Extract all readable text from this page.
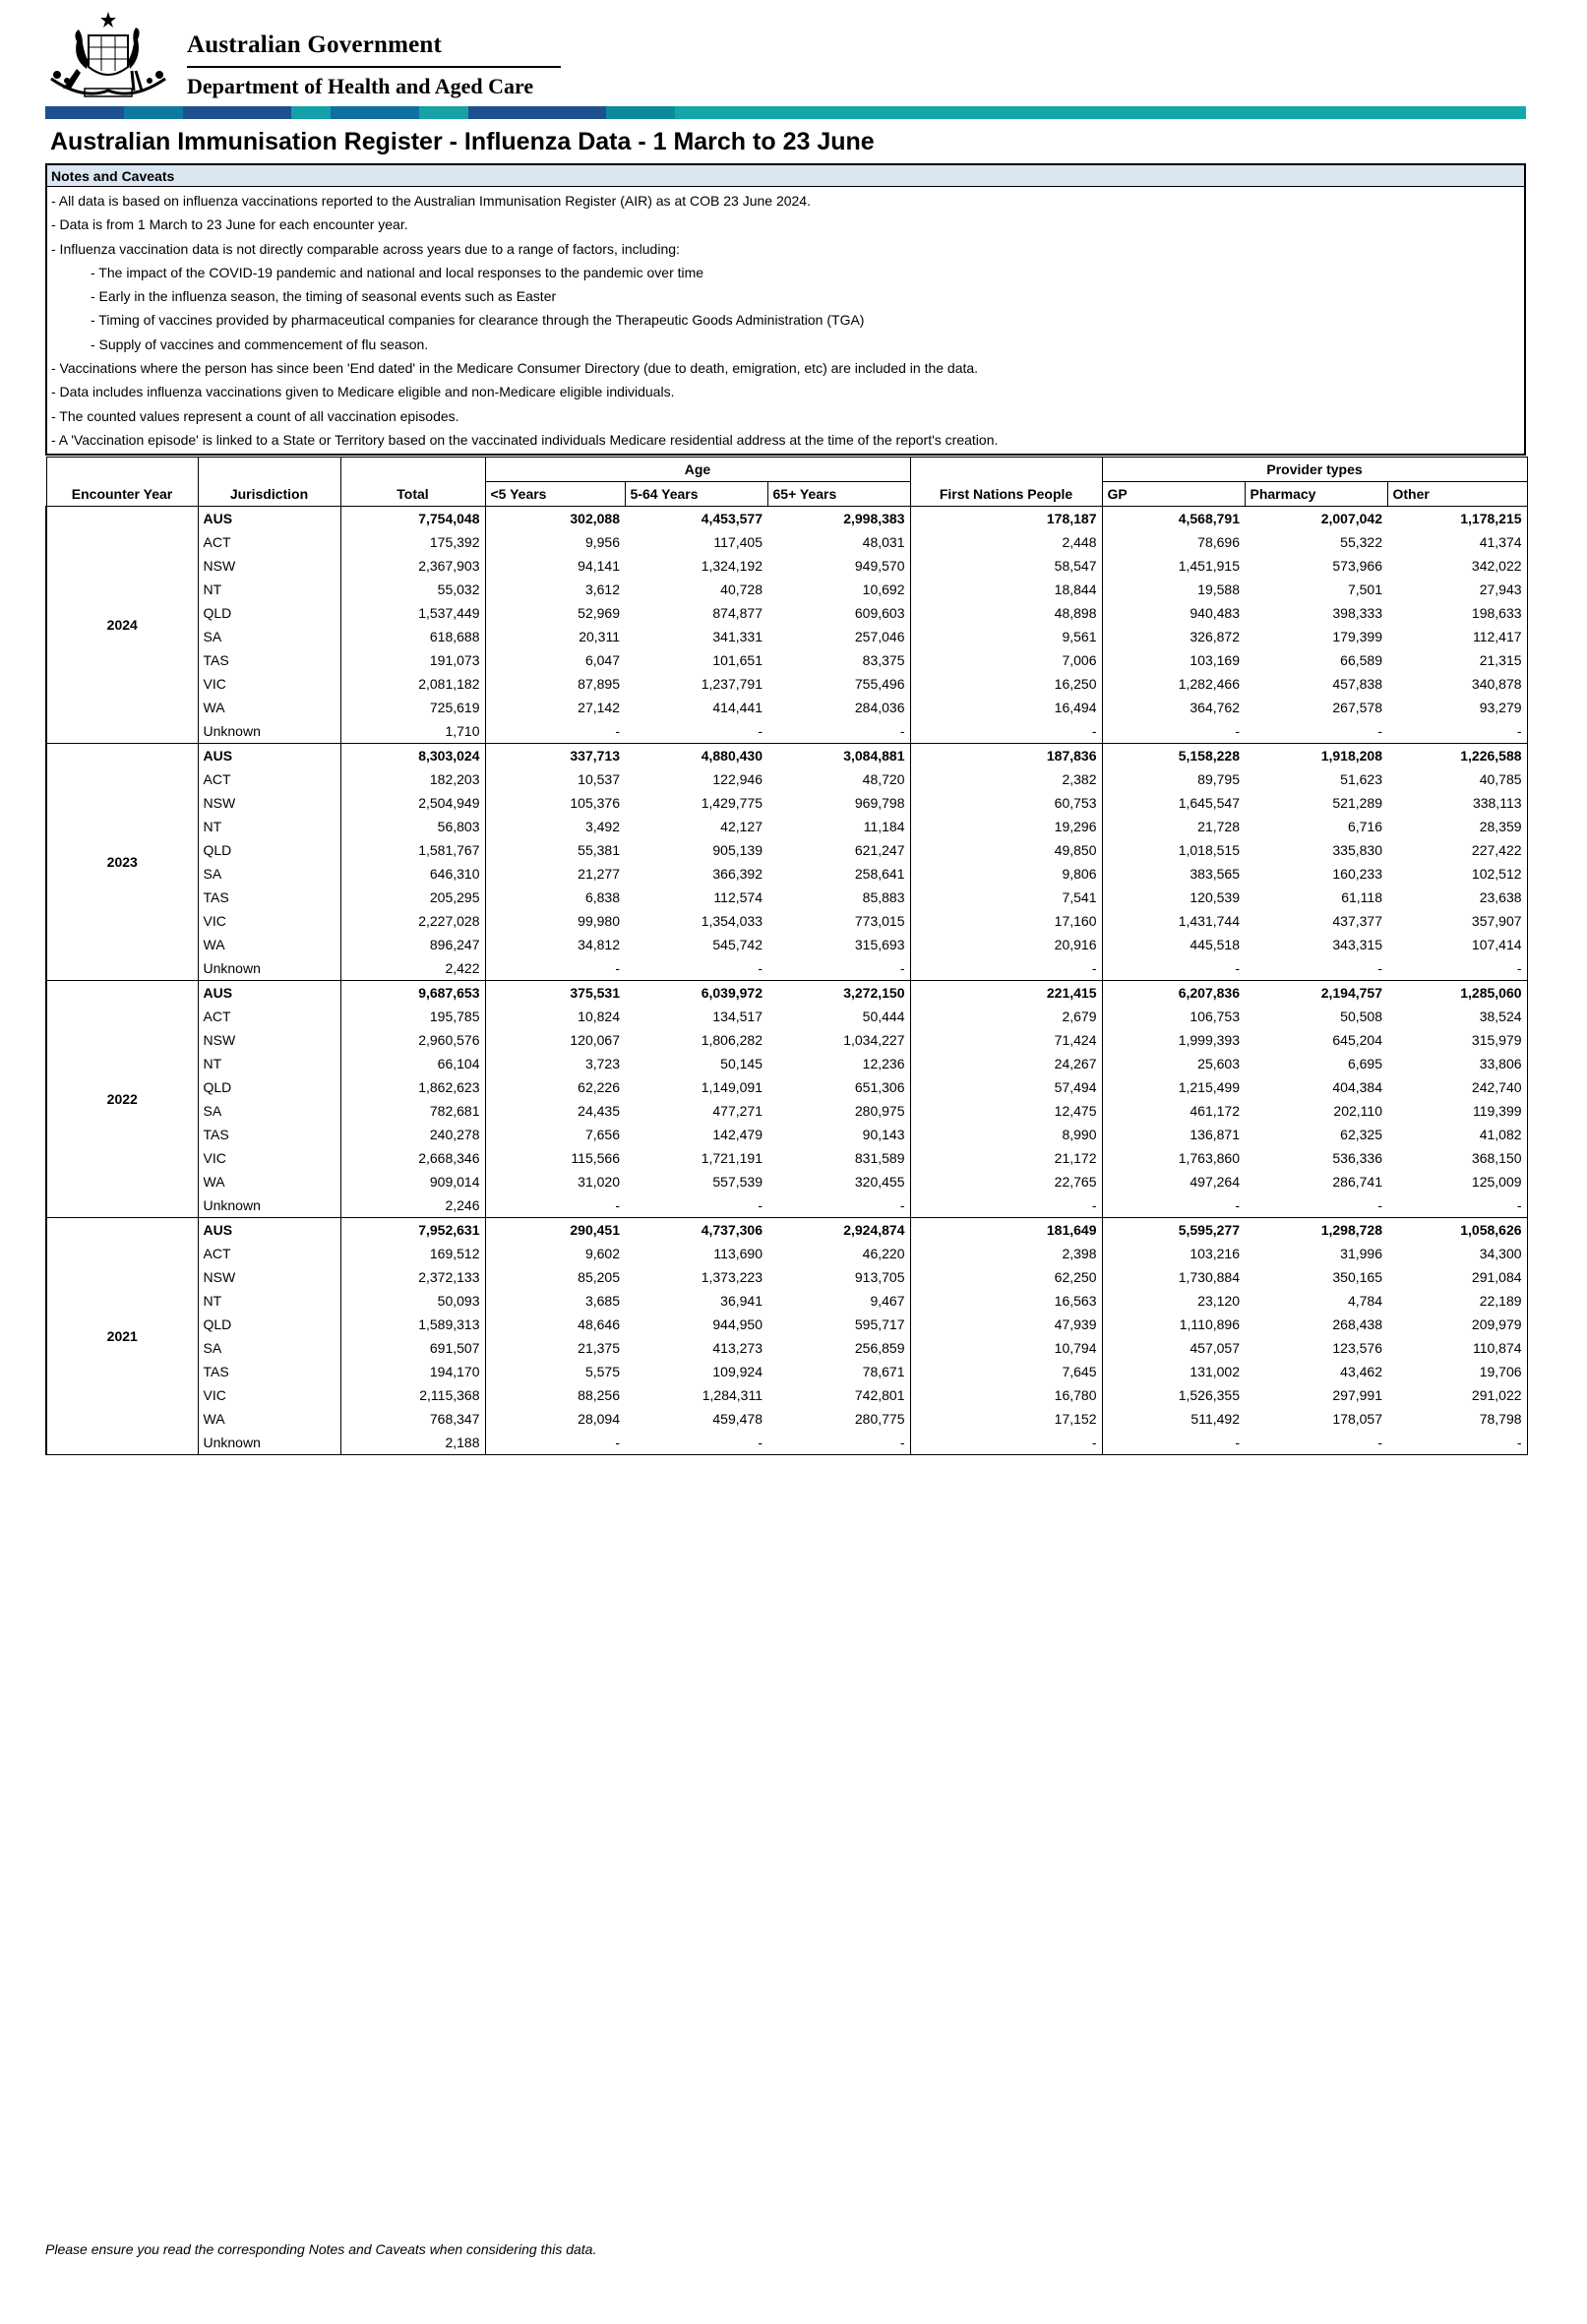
Australian Government
Department of Health and Aged Care
Australian Immunisation Register - Influenza Data - 1 March to 23 June
Notes and Caveats
- All data is based on influenza vaccinations reported to the Australian Immunisation Register (AIR) as at COB 23 June 2024.
- Data is from 1 March to 23 June for each encounter year.
- Influenza vaccination data is not directly comparable across years due to a range of factors, including:
- The impact of the COVID-19 pandemic and national and local responses to the pandemic over time
- Early in the influenza season, the timing of seasonal events such as Easter
- Timing of vaccines provided by pharmaceutical companies for clearance through the Therapeutic Goods Administration (TGA)
- Supply of vaccines and commencement of flu season.
- Vaccinations where the person has since been 'End dated' in the Medicare Consumer Directory (due to death, emigration, etc) are included in the data.
- Data includes influenza vaccinations given to Medicare eligible and non-Medicare eligible individuals.
- The counted values represent a count of all vaccination episodes.
- A 'Vaccination episode' is linked to a State or Territory based on the vaccinated individuals Medicare residential address at the time of the report's creation.
			Age				Provider types		
Encounter Year	Jurisdiction	Total	<5 Years	5-64 Years	65+ Years	First Nations People	GP	Pharmacy	Other
2024	AUS	7,754,048	302,088	4,453,577	2,998,383	178,187	4,568,791	2,007,042	1,178,215
	ACT	175,392	9,956	117,405	48,031	2,448	78,696	55,322	41,374
	NSW	2,367,903	94,141	1,324,192	949,570	58,547	1,451,915	573,966	342,022
	NT	55,032	3,612	40,728	10,692	18,844	19,588	7,501	27,943
	QLD	1,537,449	52,969	874,877	609,603	48,898	940,483	398,333	198,633
	SA	618,688	20,311	341,331	257,046	9,561	326,872	179,399	112,417
	TAS	191,073	6,047	101,651	83,375	7,006	103,169	66,589	21,315
	VIC	2,081,182	87,895	1,237,791	755,496	16,250	1,282,466	457,838	340,878
	WA	725,619	27,142	414,441	284,036	16,494	364,762	267,578	93,279
	Unknown	1,710	-	-	-	-	-	-	-
2023	AUS	8,303,024	337,713	4,880,430	3,084,881	187,836	5,158,228	1,918,208	1,226,588
	ACT	182,203	10,537	122,946	48,720	2,382	89,795	51,623	40,785
	NSW	2,504,949	105,376	1,429,775	969,798	60,753	1,645,547	521,289	338,113
	NT	56,803	3,492	42,127	11,184	19,296	21,728	6,716	28,359
	QLD	1,581,767	55,381	905,139	621,247	49,850	1,018,515	335,830	227,422
	SA	646,310	21,277	366,392	258,641	9,806	383,565	160,233	102,512
	TAS	205,295	6,838	112,574	85,883	7,541	120,539	61,118	23,638
	VIC	2,227,028	99,980	1,354,033	773,015	17,160	1,431,744	437,377	357,907
	WA	896,247	34,812	545,742	315,693	20,916	445,518	343,315	107,414
	Unknown	2,422	-	-	-	-	-	-	-
2022	AUS	9,687,653	375,531	6,039,972	3,272,150	221,415	6,207,836	2,194,757	1,285,060
	ACT	195,785	10,824	134,517	50,444	2,679	106,753	50,508	38,524
	NSW	2,960,576	120,067	1,806,282	1,034,227	71,424	1,999,393	645,204	315,979
	NT	66,104	3,723	50,145	12,236	24,267	25,603	6,695	33,806
	QLD	1,862,623	62,226	1,149,091	651,306	57,494	1,215,499	404,384	242,740
	SA	782,681	24,435	477,271	280,975	12,475	461,172	202,110	119,399
	TAS	240,278	7,656	142,479	90,143	8,990	136,871	62,325	41,082
	VIC	2,668,346	115,566	1,721,191	831,589	21,172	1,763,860	536,336	368,150
	WA	909,014	31,020	557,539	320,455	22,765	497,264	286,741	125,009
	Unknown	2,246	-	-	-	-	-	-	-
2021	AUS	7,952,631	290,451	4,737,306	2,924,874	181,649	5,595,277	1,298,728	1,058,626
	ACT	169,512	9,602	113,690	46,220	2,398	103,216	31,996	34,300
	NSW	2,372,133	85,205	1,373,223	913,705	62,250	1,730,884	350,165	291,084
	NT	50,093	3,685	36,941	9,467	16,563	23,120	4,784	22,189
	QLD	1,589,313	48,646	944,950	595,717	47,939	1,110,896	268,438	209,979
	SA	691,507	21,375	413,273	256,859	10,794	457,057	123,576	110,874
	TAS	194,170	5,575	109,924	78,671	7,645	131,002	43,462	19,706
	VIC	2,115,368	88,256	1,284,311	742,801	16,780	1,526,355	297,991	291,022
	WA	768,347	28,094	459,478	280,775	17,152	511,492	178,057	78,798
	Unknown	2,188	-	-	-	-	-	-	-
Please ensure you read the corresponding Notes and Caveats when considering this data.
